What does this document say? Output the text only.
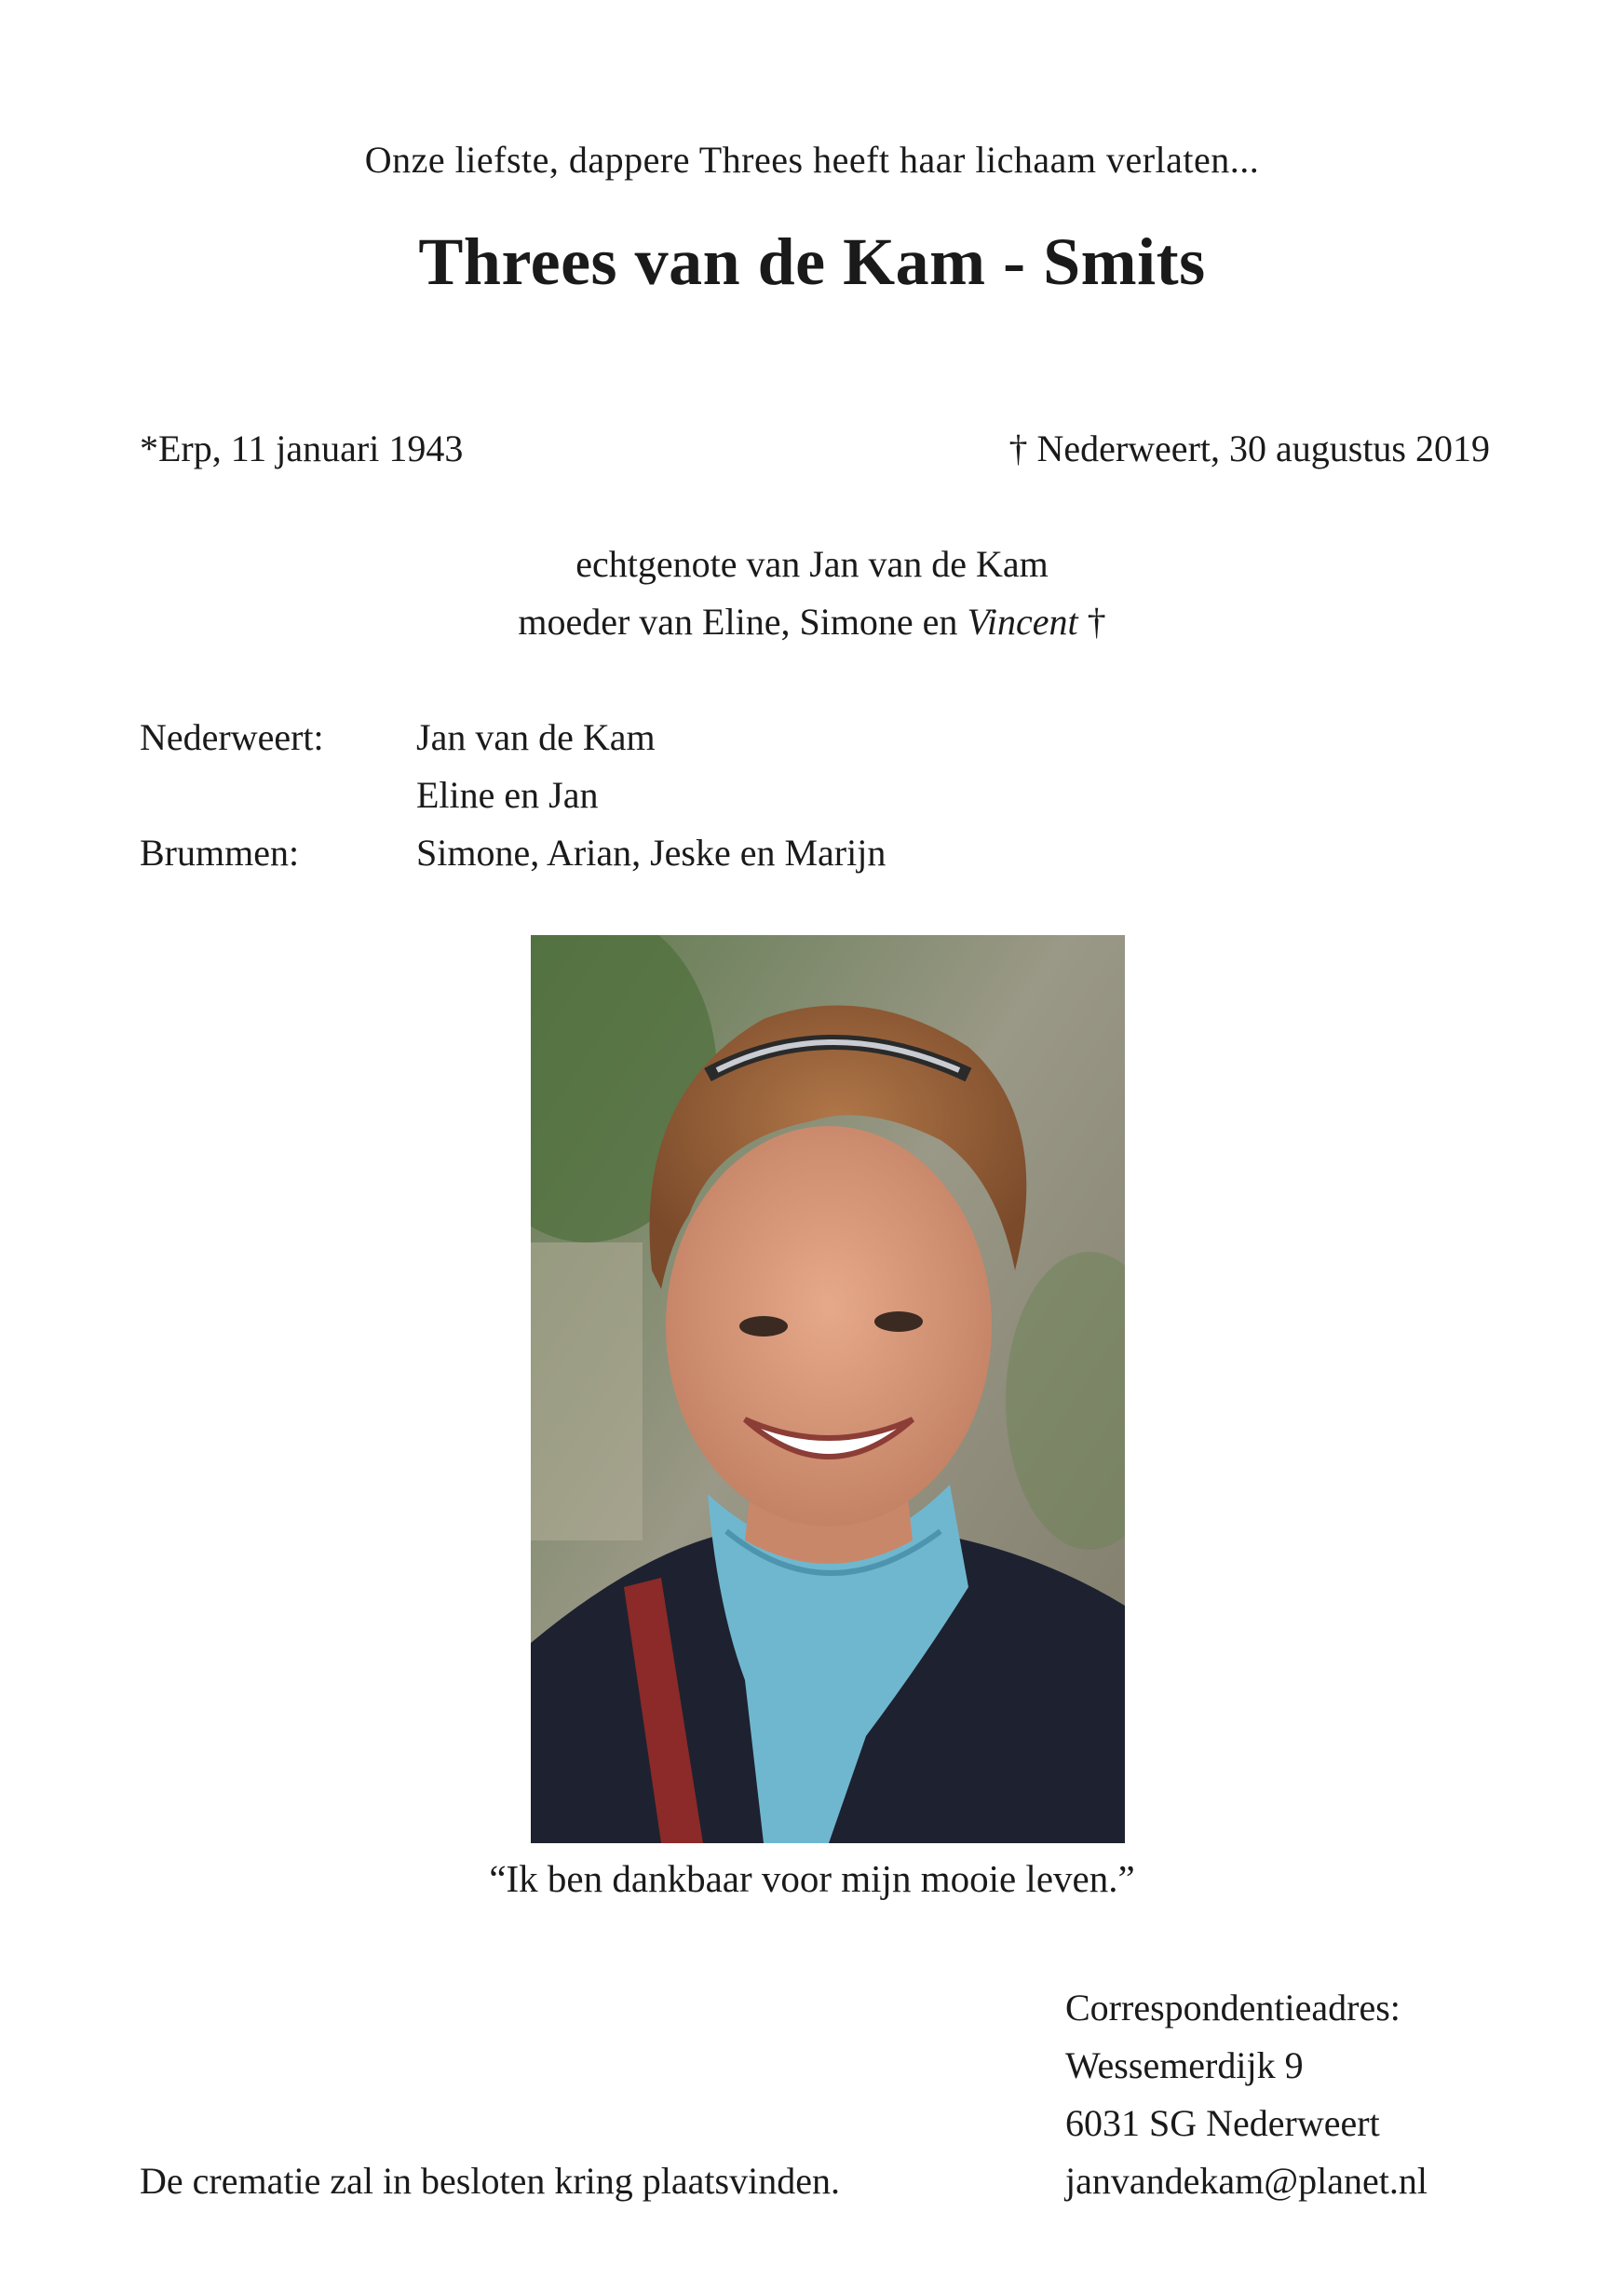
Onze liefste, dappere Threes heeft haar lichaam verlaten...
Threes van de Kam - Smits
*Erp, 11 januari 1943	† Nederweert, 30 augustus 2019
echtgenote van Jan van de Kam
moeder van Eline, Simone en Vincent †
Nederweert: Jan van de Kam
Eline en Jan
Brummen:	Simone, Arian, Jeske en Marijn
“Ik ben dankbaar voor mijn mooie leven.”
Correspondentieadres:
Wessemerdijk 9
6031 SG Nederweert
janvandekam@planet.nl
De crematie zal in besloten kring plaatsvinden.
